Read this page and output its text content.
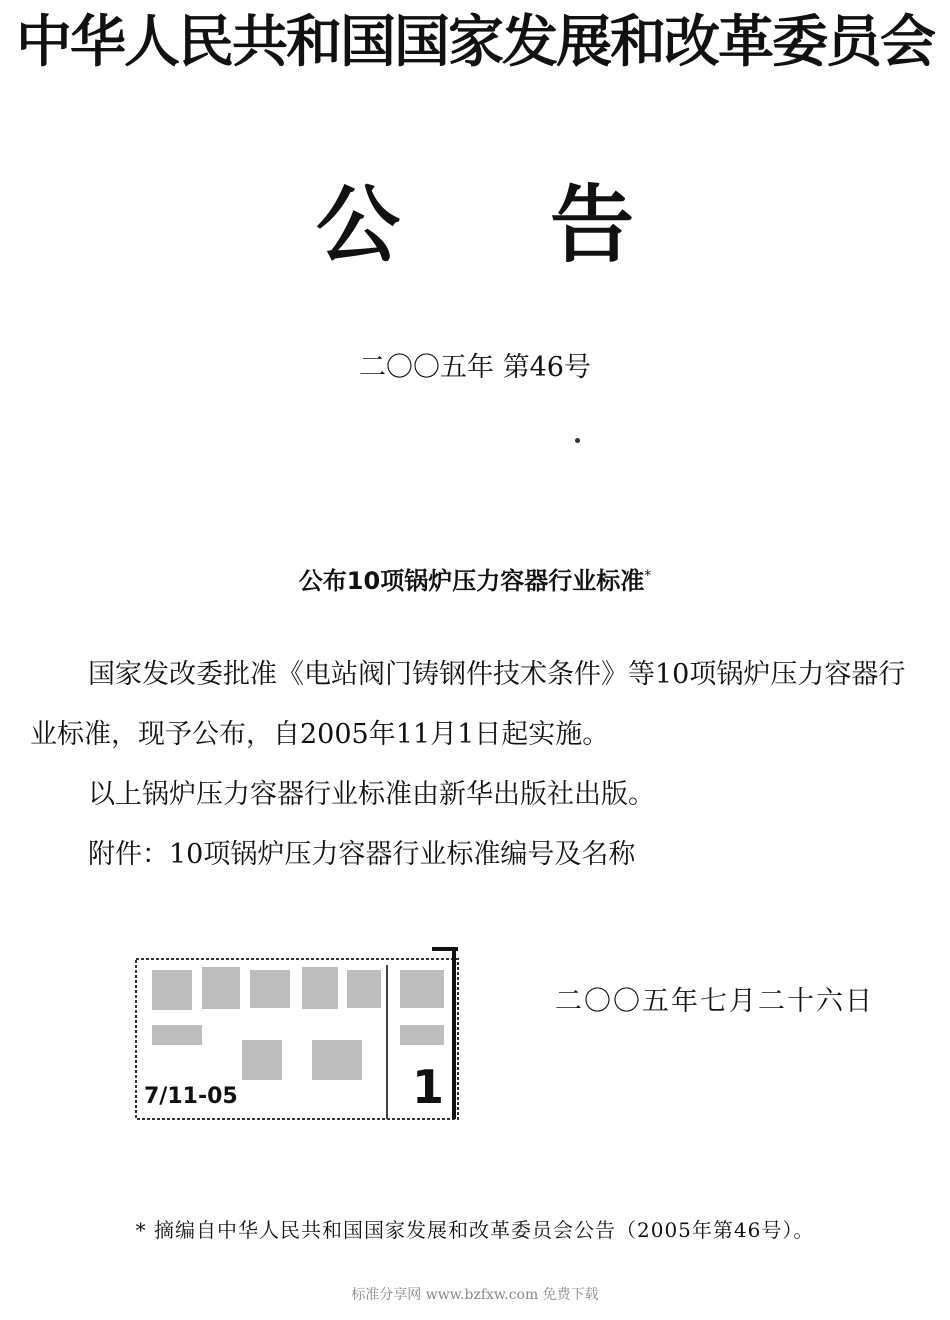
中华人民共和国国家发展和改革委员会
公告
二〇〇五年 第46号
公布10项锅炉压力容器行业标准*
国家发改委批准《电站阀门铸钢件技术条件》等10项锅炉压力容器行业标准，现予公布，自2005年11月1日起实施。
以上锅炉压力容器行业标准由新华出版社出版。
附件：10项锅炉压力容器行业标准编号及名称
7/11-05	1
二〇〇五年七月二十六日
* 摘编自中华人民共和国国家发展和改革委员会公告（2005年第46号）。
标准分享网 www.bzfxw.com 免费下载
